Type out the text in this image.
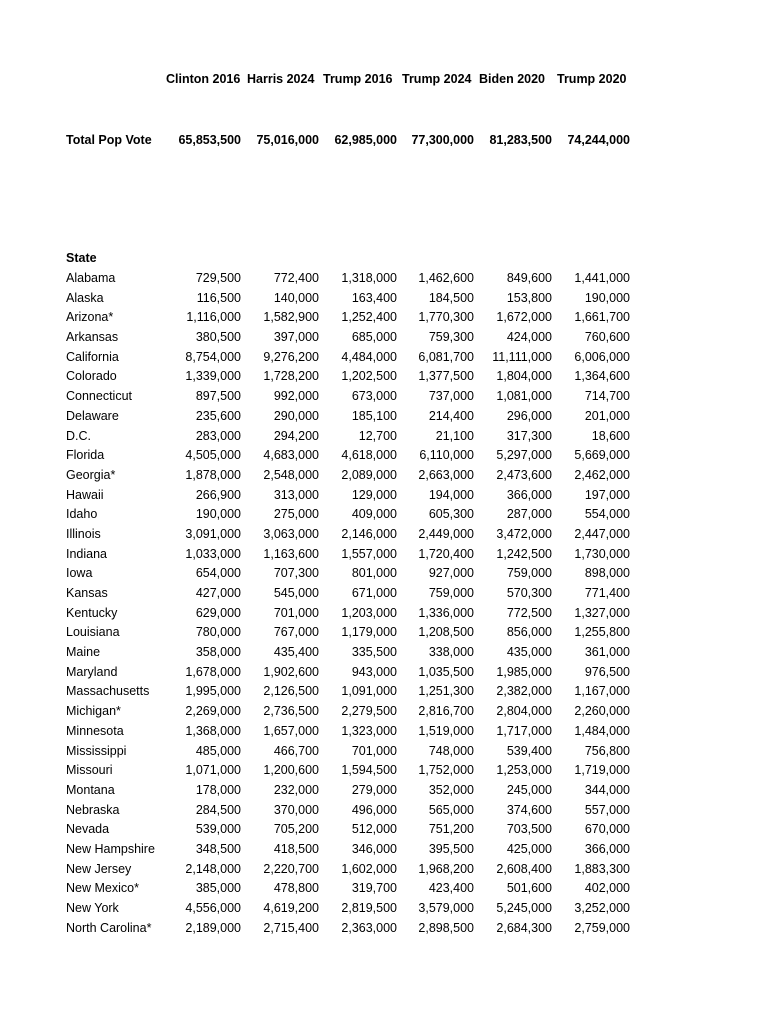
Clinton 2016 Harris 2024 Trump 2016 Trump 2024 Biden 2020 Trump 2020
Total Pop Vote	65,853,500	75,016,000	62,985,000	77,300,000	81,283,500	74,244,000
State
Alabama	729,500	772,400	1,318,000	1,462,600	849,600	1,441,000
Alaska	116,500	140,000	163,400	184,500	153,800	190,000
Arizona*	1,116,000	1,582,900	1,252,400	1,770,300	1,672,000	1,661,700
Arkansas	380,500	397,000	685,000	759,300	424,000	760,600
California	8,754,000	9,276,200	4,484,000	6,081,700	11,111,000	6,006,000
Colorado	1,339,000	1,728,200	1,202,500	1,377,500	1,804,000	1,364,600
Connecticut	897,500	992,000	673,000	737,000	1,081,000	714,700
Delaware	235,600	290,000	185,100	214,400	296,000	201,000
D.C.	283,000	294,200	12,700	21,100	317,300	18,600
Florida	4,505,000	4,683,000	4,618,000	6,110,000	5,297,000	5,669,000
Georgia*	1,878,000	2,548,000	2,089,000	2,663,000	2,473,600	2,462,000
Hawaii	266,900	313,000	129,000	194,000	366,000	197,000
Idaho	190,000	275,000	409,000	605,300	287,000	554,000
Illinois	3,091,000	3,063,000	2,146,000	2,449,000	3,472,000	2,447,000
Indiana	1,033,000	1,163,600	1,557,000	1,720,400	1,242,500	1,730,000
Iowa	654,000	707,300	801,000	927,000	759,000	898,000
Kansas	427,000	545,000	671,000	759,000	570,300	771,400
Kentucky	629,000	701,000	1,203,000	1,336,000	772,500	1,327,000
Louisiana	780,000	767,000	1,179,000	1,208,500	856,000	1,255,800
Maine	358,000	435,400	335,500	338,000	435,000	361,000
Maryland	1,678,000	1,902,600	943,000	1,035,500	1,985,000	976,500
Massachusetts	1,995,000	2,126,500	1,091,000	1,251,300	2,382,000	1,167,000
Michigan*	2,269,000	2,736,500	2,279,500	2,816,700	2,804,000	2,260,000
Minnesota	1,368,000	1,657,000	1,323,000	1,519,000	1,717,000	1,484,000
Mississippi	485,000	466,700	701,000	748,000	539,400	756,800
Missouri	1,071,000	1,200,600	1,594,500	1,752,000	1,253,000	1,719,000
Montana	178,000	232,000	279,000	352,000	245,000	344,000
Nebraska	284,500	370,000	496,000	565,000	374,600	557,000
Nevada	539,000	705,200	512,000	751,200	703,500	670,000
New Hampshire	348,500	418,500	346,000	395,500	425,000	366,000
New Jersey	2,148,000	2,220,700	1,602,000	1,968,200	2,608,400	1,883,300
New Mexico*	385,000	478,800	319,700	423,400	501,600	402,000
New York	4,556,000	4,619,200	2,819,500	3,579,000	5,245,000	3,252,000
North Carolina*	2,189,000	2,715,400	2,363,000	2,898,500	2,684,300	2,759,000
